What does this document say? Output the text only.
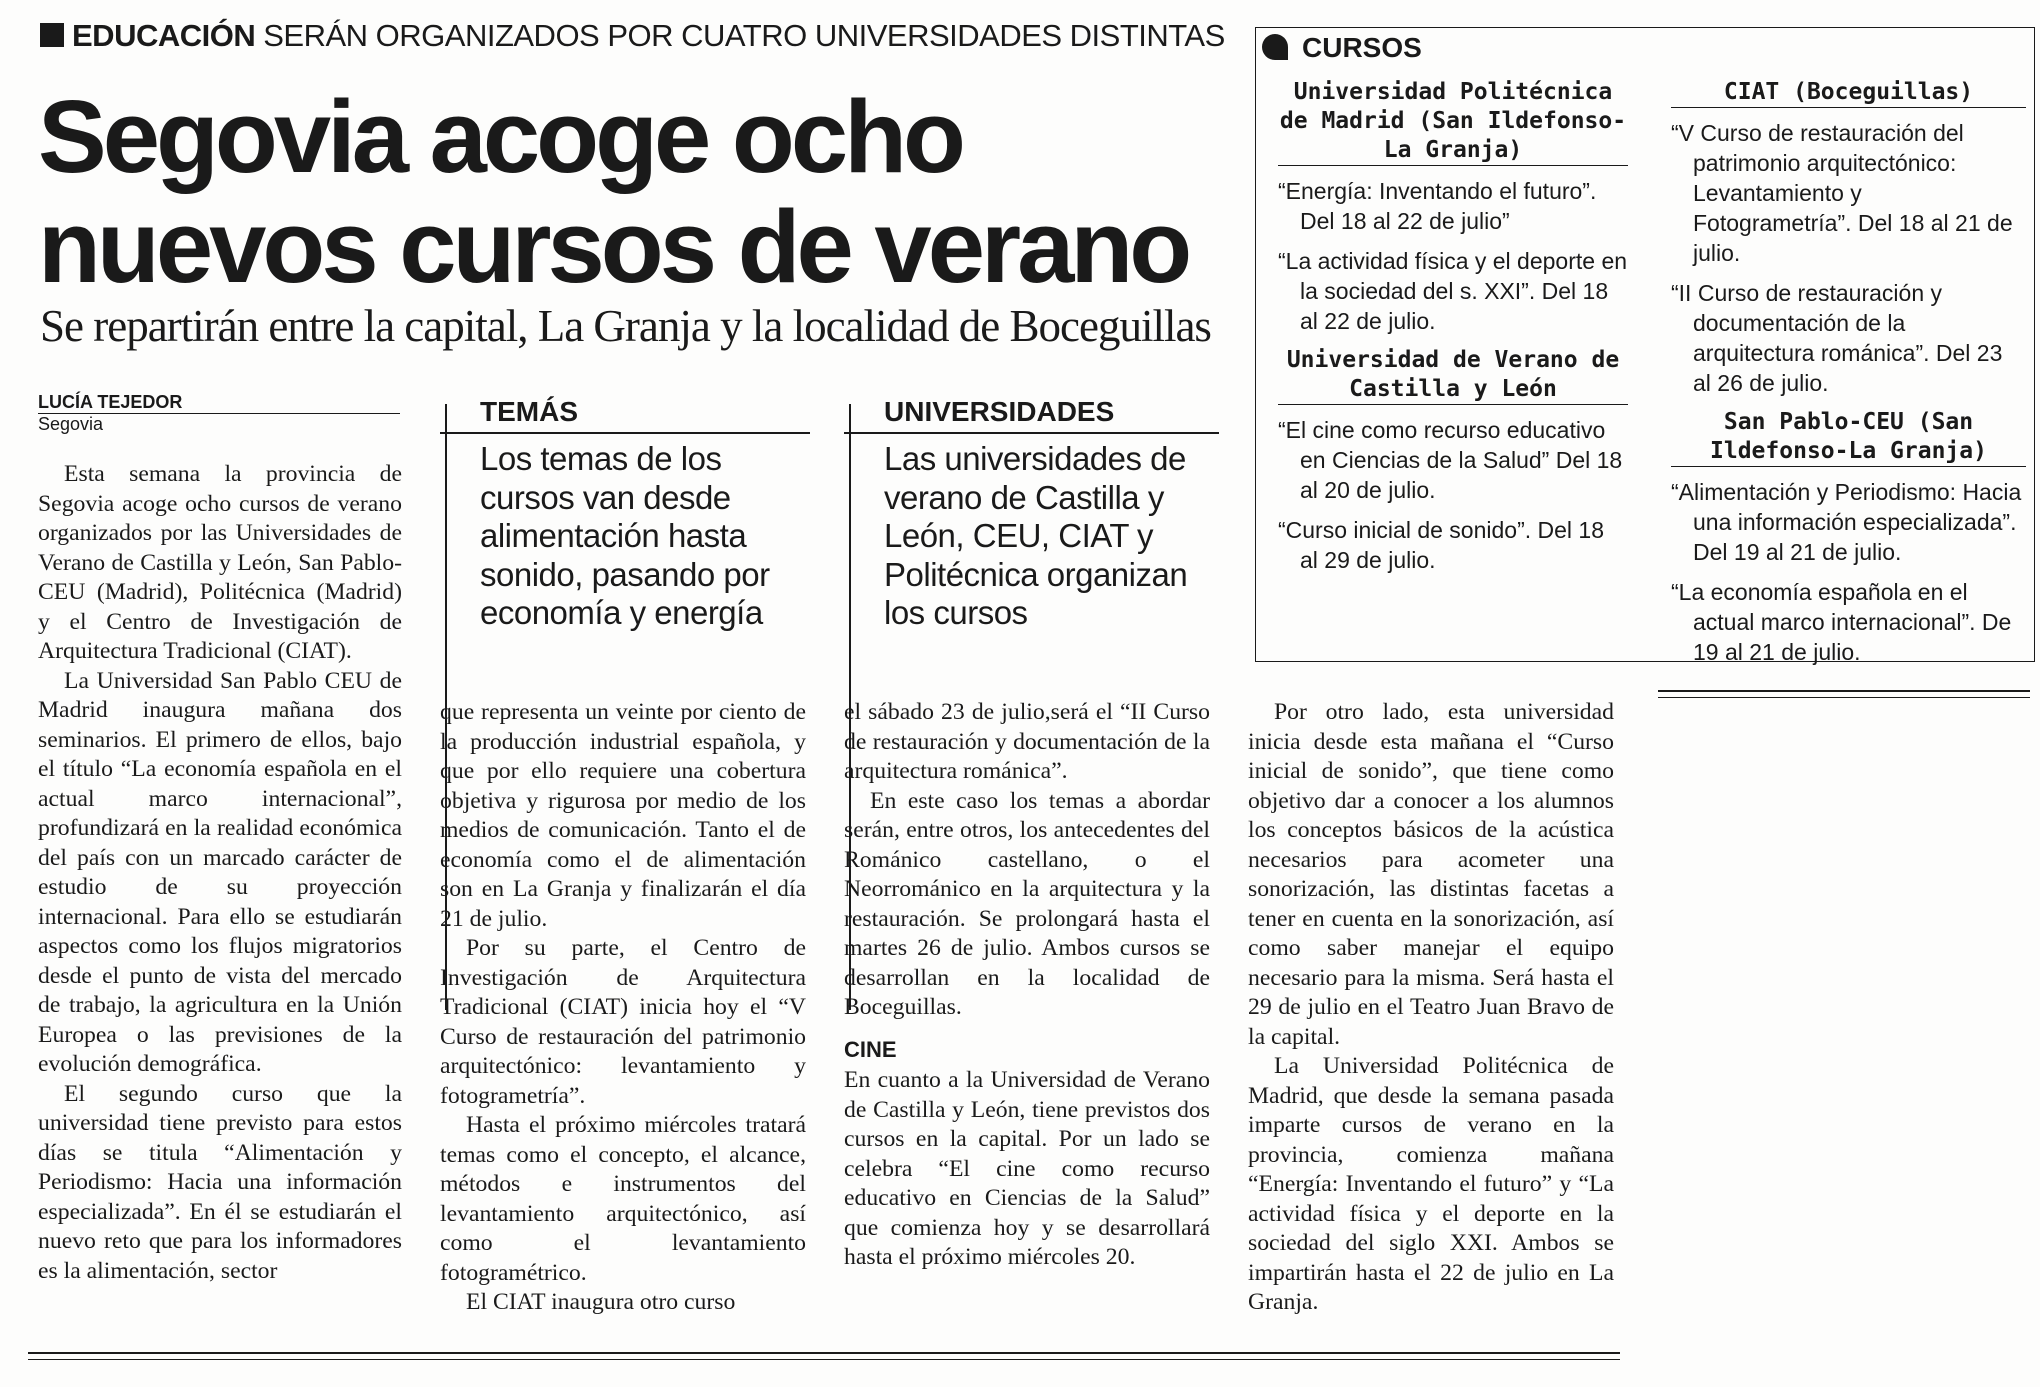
EDUCACIÓN SERÁN ORGANIZADOS POR CUATRO UNIVERSIDADES DISTINTAS
Segovia acoge ocho
nuevos cursos de verano
Se repartirán entre la capital, La Granja y la localidad de Boceguillas
LUCÍA TEJEDOR
Segovia

Esta semana la provincia de Segovia acoge ocho cursos de verano organizados por las Universidades de Verano de Castilla y León, San Pablo-CEU (Madrid), Politécnica (Madrid) y el Centro de Investigación de Arquitectura Tradicional (CIAT).

La Universidad San Pablo CEU de Madrid inaugura mañana dos seminarios. El primero de ellos, bajo el título “La economía española en el actual marco internacional”, profundizará en la realidad económica del país con un marcado carácter de estudio de su proyección internacional. Para ello se estudiarán aspectos como los flujos migratorios desde el punto de vista del mercado de trabajo, la agricultura en la Unión Europea o las previsiones de la evolución demográfica.

El segundo curso que la universidad tiene previsto para estos días se titula “Alimentación y Periodismo: Hacia una información especializada”. En él se estudiarán el nuevo reto que para los informadores es la alimentación, sector

TEMÁS
Los temas de los cursos van desde alimentación hasta sonido, pasando por economía y energía

que representa un veinte por ciento de la producción industrial española, y que por ello requiere una cobertura objetiva y rigurosa por medio de los medios de comunicación. Tanto el de economía como el de alimentación son en La Granja y finalizarán el día 21 de julio.

Por su parte, el Centro de Investigación de Arquitectura Tradicional (CIAT) inicia hoy el “V Curso de restauración del patrimonio arquitectónico: levantamiento y fotogrametría”.

Hasta el próximo miércoles tratará temas como el concepto, el alcance, métodos e instrumentos del levantamiento arquitectónico, así como el levantamiento fotogramétrico.

El CIAT inaugura otro curso

UNIVERSIDADES
Las universidades de verano de Castilla y León, CEU, CIAT y Politécnica organizan los cursos

el sábado 23 de julio,será el “II Curso de restauración y documentación de la arquitectura románica”.

En este caso los temas a abordar serán, entre otros, los antecedentes del Románico castellano, o el Neorrománico en la arquitectura y la restauración. Se prolongará hasta el martes 26 de julio. Ambos cursos se desarrollan en la localidad de Boceguillas.

CINE

En cuanto a la Universidad de Verano de Castilla y León, tiene previstos dos cursos en la capital. Por un lado se celebra “El cine como recurso educativo en Ciencias de la Salud” que comienza hoy y se desarrollará hasta el próximo miércoles 20.

Por otro lado, esta universidad inicia desde esta mañana el “Curso inicial de sonido”, que tiene como objetivo dar a conocer a los alumnos los conceptos básicos de la acústica necesarios para acometer una sonorización, las distintas facetas a tener en cuenta en la sonorización, así como saber manejar el equipo necesario para la misma. Será hasta el 29 de julio en el Teatro Juan Bravo de la capital.

La Universidad Politécnica de Madrid, que desde la semana pasada imparte cursos de verano en la provincia, comienza mañana “Energía: Inventando el futuro” y “La actividad física y el deporte en la sociedad del siglo XXI. Ambos se impartirán hasta el 22 de julio en La Granja.

CURSOS
Universidad Politécnica de Madrid (San Ildefonso-La Granja)
“Energía: Inventando el futuro”. Del 18 al 22 de julio”
“La actividad física y el deporte en la sociedad del s. XXI”. Del 18 al 22 de julio.
Universidad de Verano de Castilla y León
“El cine como recurso educativo en Ciencias de la Salud” Del 18 al 20 de julio.
“Curso inicial de sonido”. Del 18 al 29 de julio.
CIAT (Boceguillas)
“V Curso de restauración del patrimonio arquitectónico: Levantamiento y Fotogrametría”. Del 18 al 21 de julio.
“II Curso de restauración y documentación de la arquitectura románica”. Del 23 al 26 de julio.
San Pablo-CEU (San Ildefonso-La Granja)
“Alimentación y Periodismo: Hacia una información especializada”. Del 19 al 21 de julio.
“La economía española en el actual marco internacional”. De 19 al 21 de julio.
